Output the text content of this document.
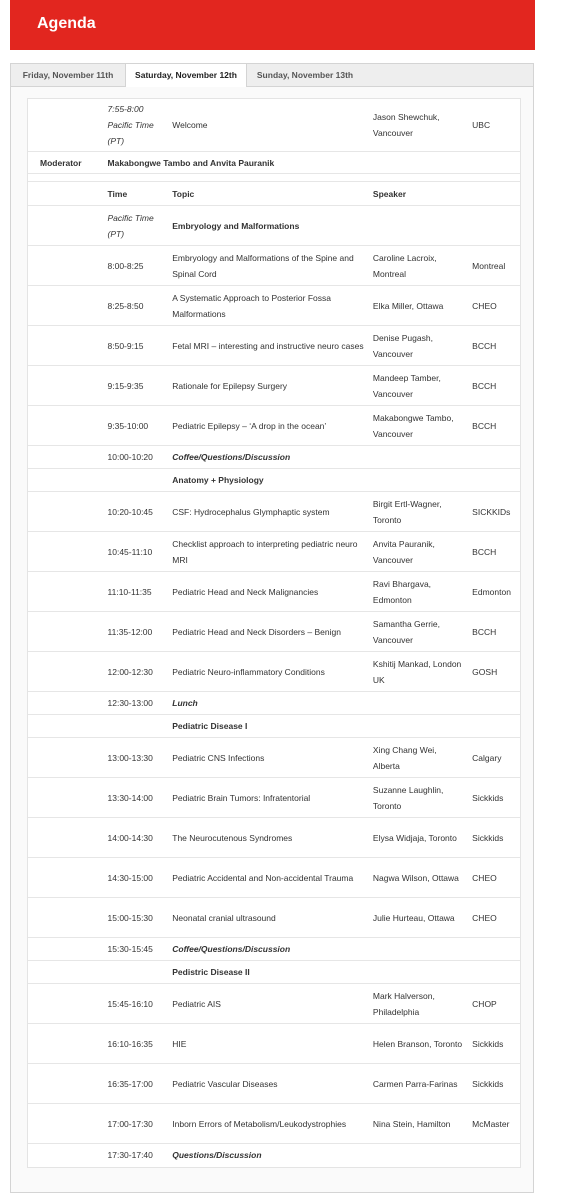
Agenda
Friday, November 11th	Saturday, November 12th	Sunday, November 13th
	7:55-8:00 Pacific Time (PT)	Welcome	Jason Shewchuk, Vancouver	UBC
Moderator	Makabongwe Tambo and Anvita Pauranik			

	Time	Topic	Speaker	
	Pacific Time (PT)	Embryology and Malformations		
	8:00-8:25	Embryology and Malformations of the Spine and Spinal Cord	Caroline Lacroix, Montreal	Montreal
	8:25-8:50	A Systematic Approach to Posterior Fossa Malformations	Elka Miller, Ottawa	CHEO
	8:50-9:15	Fetal MRI – interesting and instructive neuro cases	Denise Pugash, Vancouver	BCCH
	9:15-9:35	Rationale for Epilepsy Surgery	Mandeep Tamber, Vancouver	BCCH
	9:35-10:00	Pediatric Epilepsy – ‘A drop in the ocean’	Makabongwe Tambo, Vancouver	BCCH
	10:00-10:20	Coffee/Questions/Discussion		
		Anatomy + Physiology		
	10:20-10:45	CSF: Hydrocephalus Glymphaptic system	Birgit Ertl-Wagner, Toronto	SICKKIDs
	10:45-11:10	Checklist approach to interpreting pediatric neuro MRI	Anvita Pauranik, Vancouver	BCCH
	11:10-11:35	Pediatric Head and Neck Malignancies	Ravi Bhargava, Edmonton	Edmonton
	11:35-12:00	Pediatric Head and Neck Disorders – Benign	Samantha Gerrie, Vancouver	BCCH
	12:00-12:30	Pediatric Neuro-inflammatory Conditions	Kshitij Mankad, London UK	GOSH
	12:30-13:00	Lunch		
		Pediatric Disease I		
	13:00-13:30	Pediatric CNS Infections	Xing Chang Wei, Alberta	Calgary
	13:30-14:00	Pediatric Brain Tumors: Infratentorial	Suzanne Laughlin, Toronto	Sickkids
	14:00-14:30	The Neurocutenous Syndromes	Elysa Widjaja, Toronto	Sickkids
	14:30-15:00	Pediatric Accidental and Non-accidental Trauma	Nagwa Wilson, Ottawa	CHEO
	15:00-15:30	Neonatal cranial ultrasound	Julie Hurteau, Ottawa	CHEO
	15:30-15:45	Coffee/Questions/Discussion		
		Pedistric Disease II		
	15:45-16:10	Pediatric AIS	Mark Halverson, Philadelphia	CHOP
	16:10-16:35	HIE	Helen Branson, Toronto	Sickkids
	16:35-17:00	Pediatric Vascular Diseases	Carmen Parra-Farinas	Sickkids
	17:00-17:30	Inborn Errors of Metabolism/Leukodystrophies	Nina Stein, Hamilton	McMaster
	17:30-17:40	Questions/Discussion		
